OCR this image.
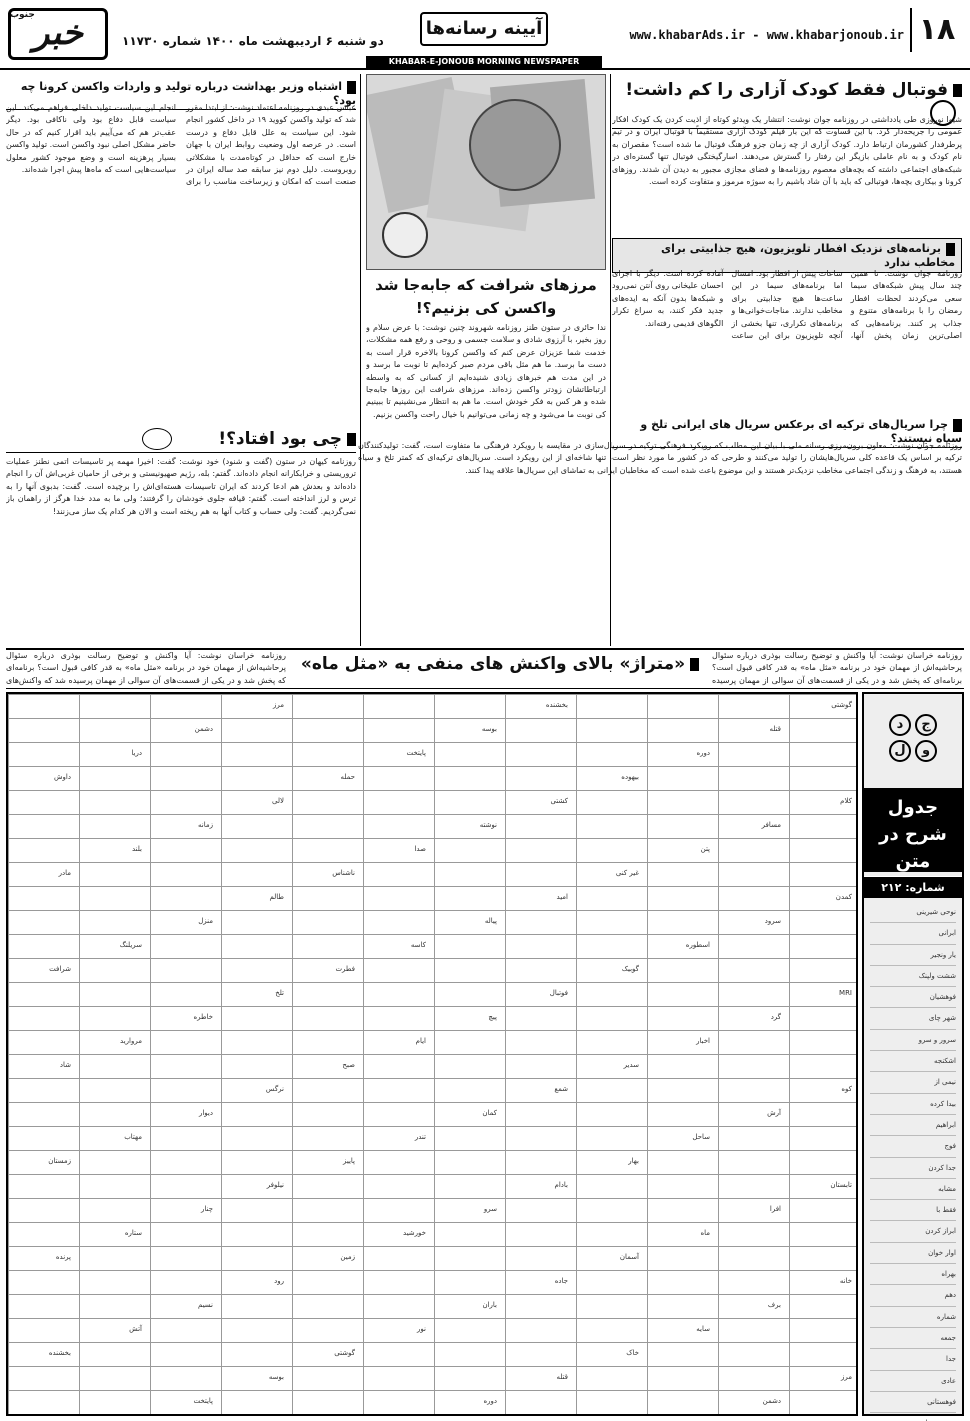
۱۸
www.khabarAds.ir - www.khabarjonoub.ir
آیینه رسانه‌ها
دو شنبه ۶ اردیبهشت ماه ۱۴۰۰ شماره ۱۱۷۳۰
خبر
جنوب
KHABAR-E-JONOUB MORNING NEWSPAPER
فوتبال فقط کودک آزاری را کم داشت!
شیوا نوروزی طی یادداشتی در روزنامه جوان نوشت: انتشار یک ویدئو کوتاه از اذیت کردن یک کودک افکار عمومی را جریحه‌دار کرد. با این قساوت که این بار فیلم کودک آزاری مستقیماً با فوتبال ایران و در تیم پرطرفدار کشورمان ارتباط دارد. کودک آزاری از چه زمان جزو فرهنگ فوتبال ما شده است؟ مقصران به نام کودک و به نام عاملی بازیگر این رفتار را گسترش می‌دهند. اسارگیختگی فوتبال تنها گستره‌ای در شبکه‌های اجتماعی داشته که بچه‌های معصوم روزنامه‌ها و فضای مجازی مجبور به دیدن آن شدند. روزهای کرونا و بیکاری بچه‌ها، فوتبالی که باید با آن شاد باشیم را به سوژه مرموز و متفاوت کرده است.
برنامه‌های نزدیک افطار تلویزیون، هیچ جذابیتی برای مخاطب ندارد
روزنامه جوان نوشت: تا همین چند سال پیش شبکه‌های سیما سعی می‌کردند لحظات افطار رمضان را با برنامه‌های متنوع و جذاب پر کنند. برنامه‌هایی که اصلی‌ترین زمان پخش آنها، ساعات پیش از افطار بود. امسال اما برنامه‌های سیما در این ساعت‌ها هیچ جذابیتی برای مخاطب ندارند. مناجات‌خوانی‌ها و برنامه‌های تکراری، تنها بخشی از آنچه تلویزیون برای این ساعت آماده کرده است. دیگر با اجرای احسان علیخانی روی آنتن نمی‌رود و شبکه‌ها بدون آنکه به ایده‌های جدید فکر کنند، به سراغ تکرار الگوهای قدیمی رفته‌اند.
چرا سریال‌های ترکیه ای برعکس سریال های ایرانی تلخ و سیاه نیستند؟
روزنامه جوان نوشت: معاون برون‌مرزی رسانه ملی با بیان این مطلب که رویکرد فرهنگی ترکیه در سریال‌سازی در مقایسه با رویکرد فرهنگی ما متفاوت است، گفت: تولیدکنندگان ترکیه بر اساس یک قاعده کلی سریال‌هایشان را تولید می‌کنند و طرحی که در کشور ما مورد نظر است، تنها شاخه‌ای از این رویکرد است. سریال‌های ترکیه‌ای که کمتر تلخ و سیاه هستند، به فرهنگ و زندگی اجتماعی مخاطب نزدیک‌تر هستند و این موضوع باعث شده است که مخاطبان ایرانی به تماشای این سریال‌ها علاقه پیدا کنند.
مرزهای شرافت که جابه‌جا شد واکسن کی بزنیم؟!
ندا حائری در ستون طنز روزنامه شهروند چنین نوشت: با عرض سلام و روز بخیر، با آرزوی شادی و سلامت جسمی و روحی و رفع همه مشکلات، خدمت شما عزیزان عرض کنم که واکسن کرونا بالاخره قرار است به دست ما برسد. ما هم مثل باقی مردم صبر کرده‌ایم تا نوبت ما برسد و در این مدت هم خبرهای زیادی شنیده‌ایم از کسانی که به واسطه ارتباطاتشان زودتر واکسن زده‌اند. مرزهای شرافت این روزها جابه‌جا شده و هر کس به فکر خودش است. ما هم به انتظار می‌نشینیم تا ببینیم کی نوبت ما می‌شود و چه زمانی می‌توانیم با خیال راحت واکسن بزنیم.
اشتباه وزیر بهداشت درباره تولید و واردات واکسن کرونا چه بود؟
عباس عبدی در روزنامه اعتماد نوشت: از ابتدا مقرر شد که تولید واکسن کووید ۱۹ در داخل کشور انجام شود. این سیاست به علل قابل دفاع و درست است. در عرصه اول وضعیت روابط ایران با جهان خارج است که حداقل در کوتاه‌مدت با مشکلاتی روبروست. دلیل دوم نیز سابقه صد ساله ایران در صنعت است که امکان و زیرساخت مناسب را برای انجام این سیاست تولید داخلی فراهم می‌کند. این سیاست قابل دفاع بود ولی ناکافی بود. دیگر عقب‌تر هم که می‌آییم باید اقرار کنیم که در حال حاضر مشکل اصلی نبود واکسن است. تولید واکسن بسیار پرهزینه است و وضع موجود کشور معلول سیاست‌هایی است که ماه‌ها پیش اجرا شده‌اند.
چی بود افتاد؟!
روزنامه کیهان در ستون (گفت و شنود) خود نوشت: گفت: اخیرا مهمه پر تاسیسات اتمی نطنز عملیات تروریستی و خرابکارانه انجام داده‌اند. گفتم: بله، رژیم صهیونیستی و برخی از حامیان غربی‌اش آن را انجام داده‌اند و بعدش هم ادعا کردند که ایران تاسیسات هسته‌ای‌اش را برچیده است. گفت: بدبوی آنها را به ترس و لرز انداخته است. گفتم: قیافه جلوی خودشان را گرفتند؛ ولی ما به مدد خدا هرگز از راهمان باز نمی‌گردیم. گفت: ولی حساب و کتاب آنها به هم ریخته است و الان هر کدام یک ساز می‌زنند!
«متراژ» بالای واکنش های منفی به «مثل ماه»
روزنامه خراسان نوشت: آیا واکنش و توضیح رسالت بوذری درباره سئوال پرحاشیه‌اش از مهمان خود در برنامه «مثل ماه» به قدر کافی قبول است؟ برنامه‌ای که پخش شد و در یکی از قسمت‌های آن سوالی از مهمان پرسیده شد که واکنش‌های
روزنامه خراسان نوشت: آیا واکنش و توضیح رسالت بوذری درباره سئوال پرحاشیه‌اش از مهمان خود در برنامه «مثل ماه» به قدر کافی قبول است؟ برنامه‌ای که پخش شد و در یکی از قسمت‌های آن سوالی از مهمان پرسیده
جد
ول
جدول شرح در متن
شماره: ۲۱۲
نوحی شیرینی
ابرانی
یار ونجیر
ششت ولپنک
فوهشیان
شهر چای
سرور و سرو
اشکنجه
نیمی از
بیدا کرده
ابراهیم
فوج
جدا کردن
مشابه
فقط با
ابراز کردن
اوار خوان
بهراه
دهم
شماره
جمعه
جدا
عادی
فوهستانی
گوشتی
بخشنده
مرز
قتله
بوسه
دشمن
دوره
پایتخت
دریا
بیهوده
حمله
داوش
کلام
کشتی
لالی
مسافر
نوشته
زمانه
پتن
صدا
بلند
غیر کنی
ناشناس
مادر
کمدن
امید
طالم
سرود
پیاله
منزل
اسطوره
کاسه
سریلنگ
گوبیک
فطرت
شرافت
MRI
فوتبال
تلخ
گرد
پیچ
خاطره
اخبار
ایام
مروارید
سدیر
صبح
شاد
کوه
شمع
نرگس
آرش
کمان
دیوار
ساحل
تندر
مهتاب
بهار
پاییز
زمستان
تابستان
بادام
نیلوفر
افرا
سرو
چنار
ماه
خورشید
ستاره
آسمان
زمین
پرنده
خانه
جاده
رود
برف
باران
نسیم
سایه
نور
آتش
خاک
گوشتی
بخشنده
مرز
قتله
بوسه
دشمن
دوره
پایتخت
